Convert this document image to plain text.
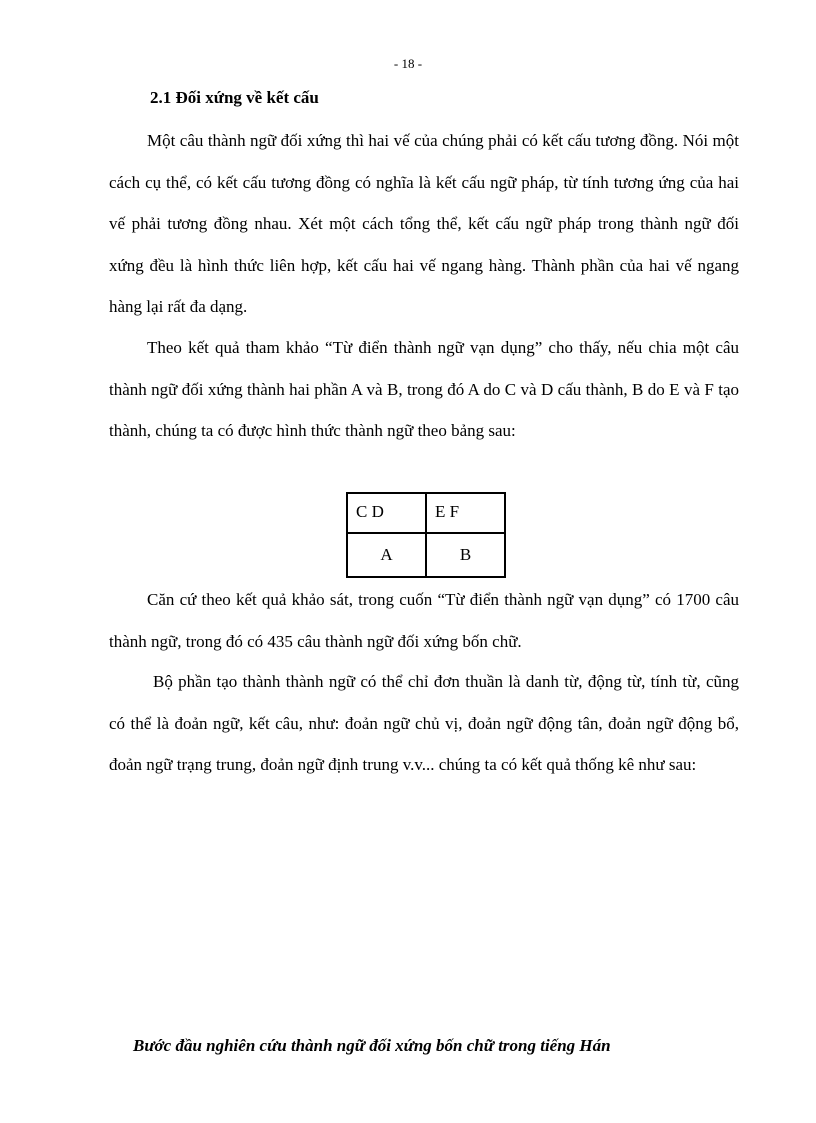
- 18 -
2.1 Đối xứng về kết cấu

Một câu thành ngữ đối xứng thì hai vế của chúng phải có kết cấu tương đồng. Nói một cách cụ thể, có kết cấu tương đồng có nghĩa là kết cấu ngữ pháp, từ tính tương ứng của hai vế phải tương đồng nhau. Xét một cách tổng thể, kết cấu ngữ pháp trong thành ngữ đối xứng đều là hình thức liên hợp, kết cấu hai vế ngang hàng. Thành phần của hai vế ngang hàng lại rất đa dạng.

Theo kết quả tham khảo “Từ điển thành ngữ vạn dụng” cho thấy, nếu chia một câu thành ngữ đối xứng thành hai phần A và B, trong đó A do C và D cấu thành, B do E và F tạo thành, chúng ta có được hình thức thành ngữ theo bảng sau:

C D	E F
A	B

Căn cứ theo kết quả khảo sát, trong cuốn “Từ điển thành ngữ vạn dụng” có 1700 câu thành ngữ, trong đó có 435 câu thành ngữ đối xứng bốn chữ.

Bộ phần tạo thành thành ngữ có thể chỉ đơn thuần là danh từ, động từ, tính từ, cũng có thể là đoản ngữ, kết câu, như: đoản ngữ chủ vị, đoản ngữ động tân, đoản ngữ động bổ, đoản ngữ trạng trung, đoản ngữ định trung v.v... chúng ta có kết quả thống kê như sau:

Bước đầu nghiên cứu thành ngữ đối xứng bốn chữ trong tiếng Hán
